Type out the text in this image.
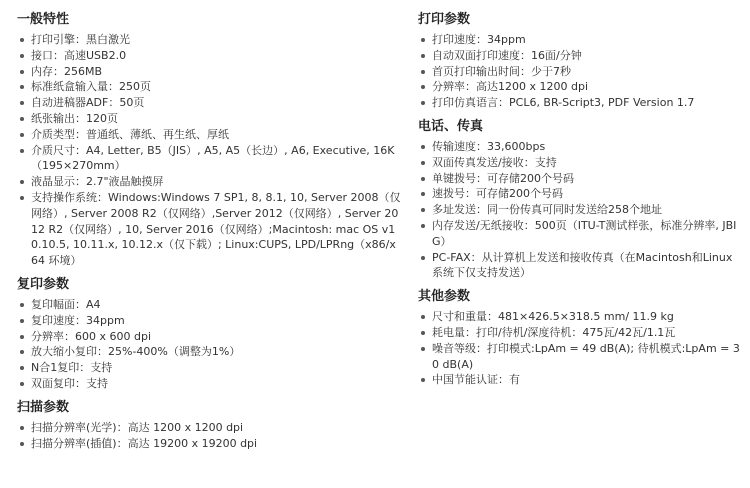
一般特性
打印引擎：黑白激光
接口：高速USB2.0
内存：256MB
标准纸盒输入量：250页
自动进稿器ADF：50页
纸张输出：120页
介质类型：普通纸、薄纸、再生纸、厚纸
介质尺寸：A4, Letter, B5（JIS）, A5, A5（长边）, A6, Executive, 16K（195×270mm）
液晶显示：2.7"液晶触摸屏
支持操作系统：Windows:Windows 7 SP1, 8, 8.1, 10, Server 2008（仅网络）, Server 2008 R2（仅网络）,Server 2012（仅网络）, Server 2012 R2（仅网络）, 10, Server 2016（仅网络）;Macintosh: mac OS v10.10.5, 10.11.x, 10.12.x（仅下载）; Linux:CUPS, LPD/LPRng（x86/x64 环境）
复印参数
复印幅面：A4
复印速度：34ppm
分辨率：600 x 600 dpi
放大缩小复印：25%-400%（调整为1%）
N合1复印：支持
双面复印：支持
扫描参数
扫描分辨率(光学)：高达 1200 x 1200 dpi
扫描分辨率(插值)：高达 19200 x 19200 dpi
打印参数
打印速度：34ppm
自动双面打印速度：16面/分钟
首页打印输出时间：少于7秒
分辨率：高达1200 x 1200 dpi
打印仿真语言：PCL6, BR-Script3, PDF Version 1.7
电话、传真
传输速度：33,600bps
双面传真发送/接收：支持
单键拨号：可存储200个号码
速拨号：可存储200个号码
多址发送：同一份传真可同时发送给258个地址
内存发送/无纸接收：500页（ITU-T测试样张，标准分辨率, JBIG）
PC-FAX：从计算机上发送和接收传真（在Macintosh和Linux系统下仅支持发送）
其他参数
尺寸和重量：481×426.5×318.5 mm/ 11.9 kg
耗电量：打印/待机/深度待机：475瓦/42瓦/1.1瓦
噪音等级：打印模式:LpAm = 49 dB(A); 待机模式:LpAm = 30 dB(A)
中国节能认证：有
